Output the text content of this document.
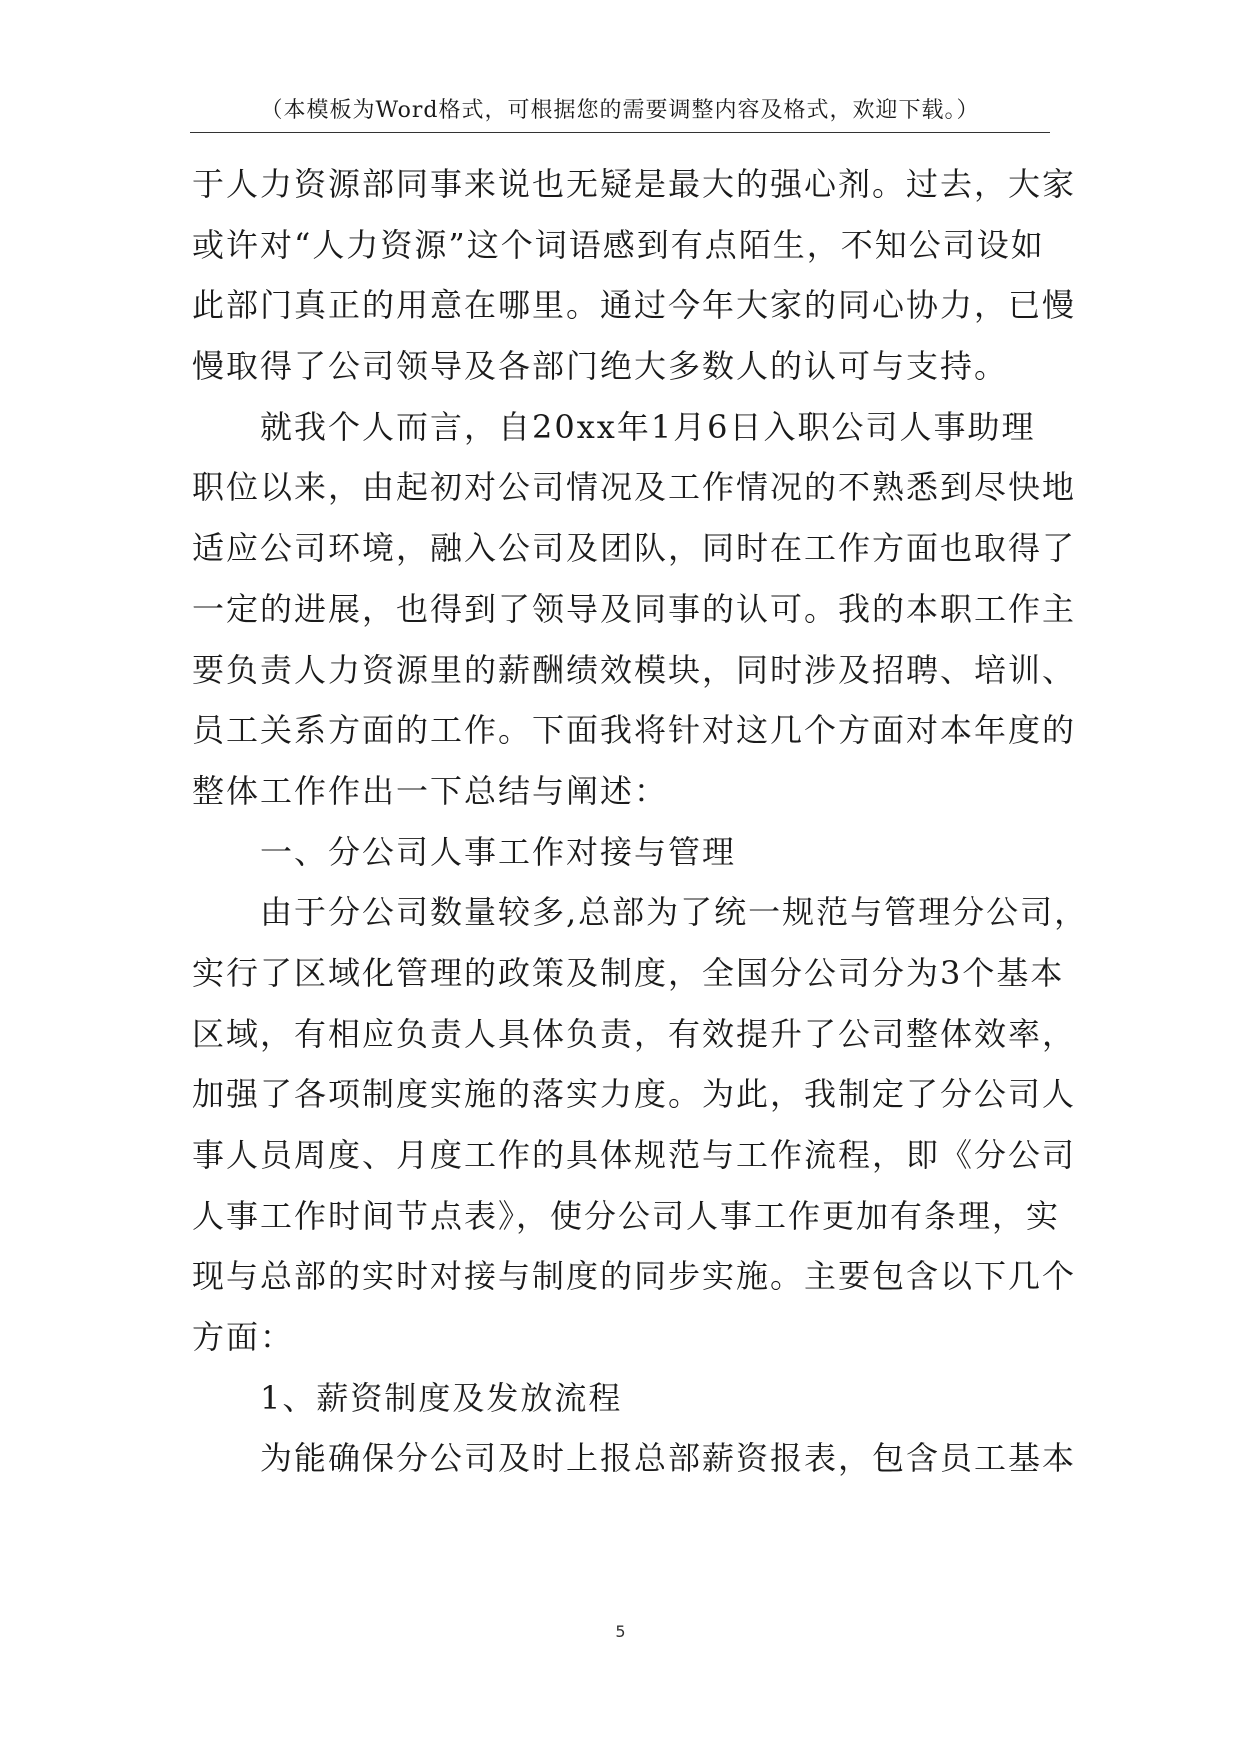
（本模板为Word格式，可根据您的需要调整内容及格式，欢迎下载。）
于人力资源部同事来说也无疑是最大的强心剂。过去，大家
或许对“人力资源”这个词语感到有点陌生，不知公司设如
此部门真正的用意在哪里。通过今年大家的同心协力，已慢
慢取得了公司领导及各部门绝大多数人的认可与支持。
就我个人而言，自20xx年1月6日入职公司人事助理
职位以来，由起初对公司情况及工作情况的不熟悉到尽快地
适应公司环境，融入公司及团队，同时在工作方面也取得了
一定的进展，也得到了领导及同事的认可。我的本职工作主
要负责人力资源里的薪酬绩效模块，同时涉及招聘、培训、
员工关系方面的工作。下面我将针对这几个方面对本年度的
整体工作作出一下总结与阐述：
一、分公司人事工作对接与管理
由于分公司数量较多,总部为了统一规范与管理分公司，
实行了区域化管理的政策及制度，全国分公司分为3个基本
区域，有相应负责人具体负责，有效提升了公司整体效率，
加强了各项制度实施的落实力度。为此，我制定了分公司人
事人员周度、月度工作的具体规范与工作流程，即《分公司
人事工作时间节点表》，使分公司人事工作更加有条理，实
现与总部的实时对接与制度的同步实施。主要包含以下几个
方面：
1、薪资制度及发放流程
为能确保分公司及时上报总部薪资报表，包含员工基本
5
